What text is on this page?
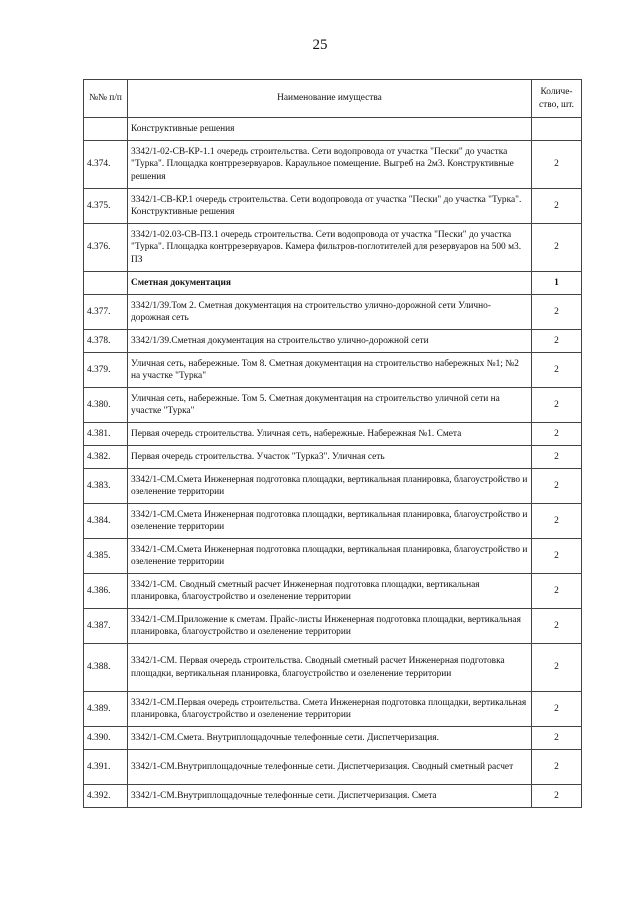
25
№№ п/п	Наименование имущества	Количе-ство, шт.
	Конструктивные решения	
4.374.	3342/1-02-СВ-КР-1.1 очередь строительства. Сети водопровода от участка "Пески" до участка "Турка". Площадка контррезервуаров. Караульное помещение. Выгреб на 2м3. Конструктивные решения	2
4.375.	3342/1-СВ-КР.1 очередь строительства. Сети водопровода от участка "Пески" до участка "Турка". Конструктивные решения	2
4.376.	3342/1-02.03-СВ-ПЗ.1 очередь строительства. Сети водопровода от участка "Пески" до участка "Турка". Площадка контррезервуаров. Камера фильтров-поглотителей для резервуаров на 500 м3. ПЗ	2
	Сметная документация	1
4.377.	3342/1/39.Том 2. Сметная документация на строительство улично-дорожной сети Улично-дорожная сеть	2
4.378.	3342/1/39.Сметная документация на строительство улично-дорожной сети	2
4.379.	Уличная сеть, набережные. Том 8. Сметная документация на строительство набережных №1; №2 на участке "Турка"	2
4.380.	Уличная сеть, набережные. Том 5. Сметная документация на строительство уличной сети на участке "Турка"	2
4.381.	Первая очередь строительства. Уличная сеть, набережные. Набережная №1. Смета	2
4.382.	Первая очередь строительства. Участок "Турка3". Уличная сеть	2
4.383.	3342/1-СМ.Смета Инженерная подготовка площадки, вертикальная планировка, благоустройство и озеленение территории	2
4.384.	3342/1-СМ.Смета Инженерная подготовка площадки, вертикальная планировка, благоустройство и озеленение территории	2
4.385.	3342/1-СМ.Смета Инженерная подготовка площадки, вертикальная планировка, благоустройство и озеленение территории	2
4.386.	3342/1-СМ. Сводный сметный расчет Инженерная подготовка площадки, вертикальная планировка, благоустройство и озеленение территории	2
4.387.	3342/1-СМ.Приложение к сметам. Прайс-листы Инженерная подготовка площадки, вертикальная планировка, благоустройство и озеленение территории	2
4.388.	3342/1-СМ. Первая очередь строительства. Сводный сметный расчет Инженерная подготовка площадки, вертикальная планировка, благоустройство и озеленение территории	2
4.389.	3342/1-СМ.Первая очередь строительства. Смета Инженерная подготовка площадки, вертикальная планировка, благоустройство и озеленение территории	2
4.390.	3342/1-СМ.Смета. Внутриплощадочные телефонные сети. Диспетчеризация.	2
4.391.	3342/1-СМ.Внутриплощадочные телефонные сети. Диспетчеризация. Сводный сметный расчет	2
4.392.	3342/1-СМ.Внутриплощадочные телефонные сети. Диспетчеризация. Смета	2
